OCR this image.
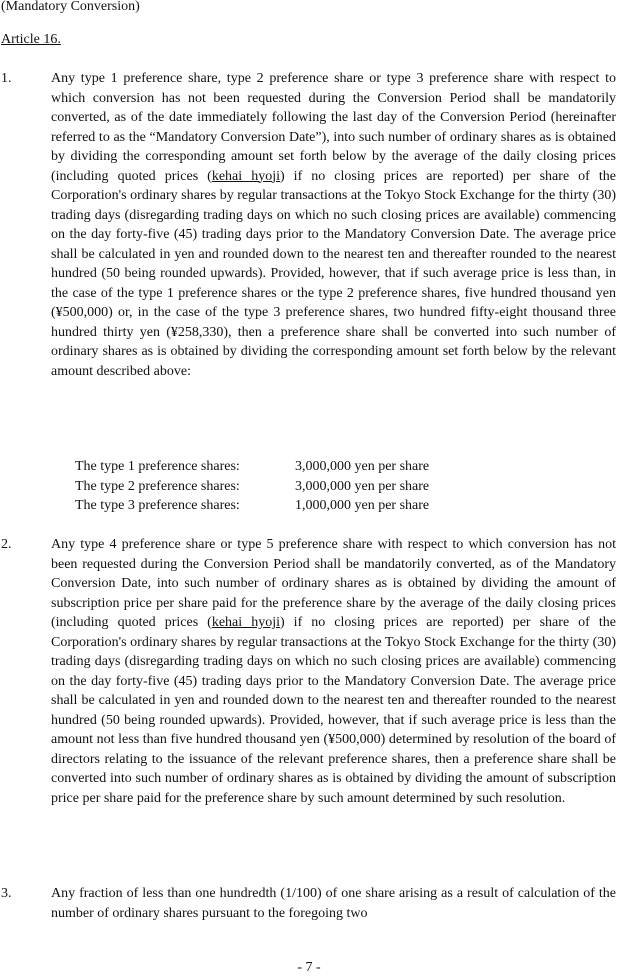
(Mandatory Conversion)
Article 16.
1.	Any type 1 preference share, type 2 preference share or type 3 preference share with respect to which conversion has not been requested during the Conversion Period shall be mandatorily converted, as of the date immediately following the last day of the Conversion Period (hereinafter referred to as the “Mandatory Conversion Date”), into such number of ordinary shares as is obtained by dividing the corresponding amount set forth below by the average of the daily closing prices (including quoted prices (kehai hyoji) if no closing prices are reported) per share of the Corporation's ordinary shares by regular transactions at the Tokyo Stock Exchange for the thirty (30) trading days (disregarding trading days on which no such closing prices are available) commencing on the day forty-five (45) trading days prior to the Mandatory Conversion Date. The average price shall be calculated in yen and rounded down to the nearest ten and thereafter rounded to the nearest hundred (50 being rounded upwards). Provided, however, that if such average price is less than, in the case of the type 1 preference shares or the type 2 preference shares, five hundred thousand yen (¥500,000) or, in the case of the type 3 preference shares, two hundred fifty-eight thousand three hundred thirty yen (¥258,330), then a preference share shall be converted into such number of ordinary shares as is obtained by dividing the corresponding amount set forth below by the relevant amount described above:
The type 1 preference shares:	3,000,000 yen per share
The type 2 preference shares:	3,000,000 yen per share
The type 3 preference shares:	1,000,000 yen per share
2.	Any type 4 preference share or type 5 preference share with respect to which conversion has not been requested during the Conversion Period shall be mandatorily converted, as of the Mandatory Conversion Date, into such number of ordinary shares as is obtained by dividing the amount of subscription price per share paid for the preference share by the average of the daily closing prices (including quoted prices (kehai hyoji) if no closing prices are reported) per share of the Corporation's ordinary shares by regular transactions at the Tokyo Stock Exchange for the thirty (30) trading days (disregarding trading days on which no such closing prices are available) commencing on the day forty-five (45) trading days prior to the Mandatory Conversion Date. The average price shall be calculated in yen and rounded down to the nearest ten and thereafter rounded to the nearest hundred (50 being rounded upwards). Provided, however, that if such average price is less than the amount not less than five hundred thousand yen (¥500,000) determined by resolution of the board of directors relating to the issuance of the relevant preference shares, then a preference share shall be converted into such number of ordinary shares as is obtained by dividing the amount of subscription price per share paid for the preference share by such amount determined by such resolution.
3.	Any fraction of less than one hundredth (1/100) of one share arising as a result of calculation of the number of ordinary shares pursuant to the foregoing two
- 7 -
